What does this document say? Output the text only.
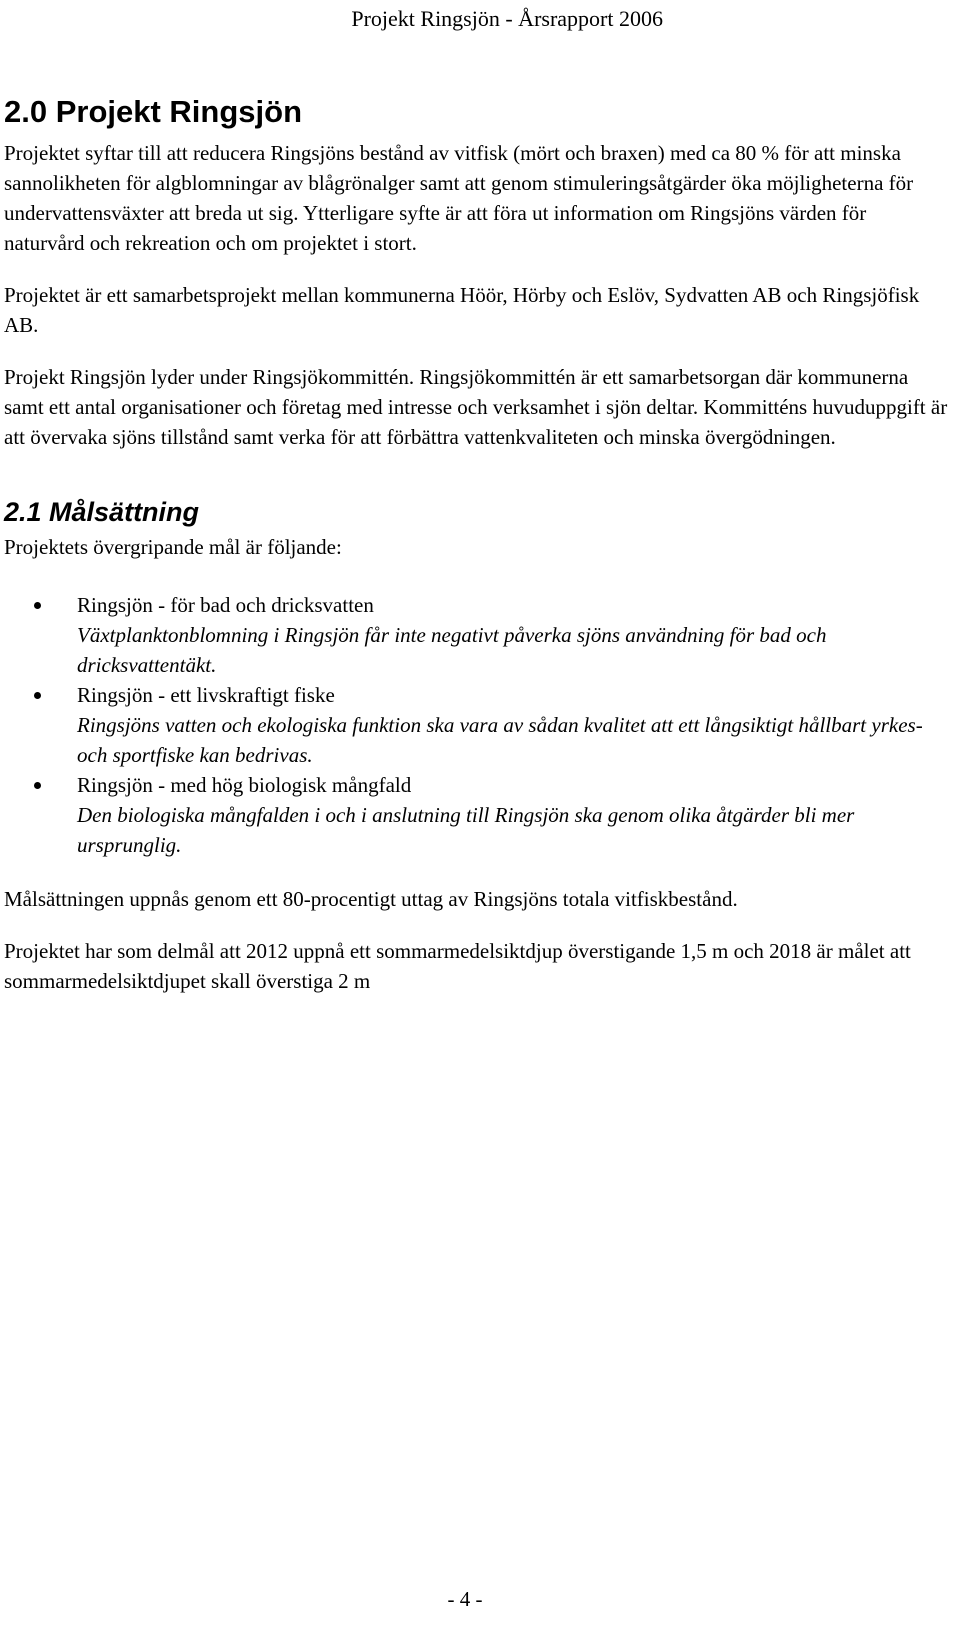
Projekt Ringsjön - Årsrapport 2006
2.0 Projekt Ringsjön

Projektet syftar till att reducera Ringsjöns bestånd av vitfisk (mört och braxen) med ca 80 % för att minska sannolikheten för algblomningar av blågrönalger samt att genom stimuleringsåtgärder öka möjligheterna för undervattensväxter att breda ut sig. Ytterligare syfte är att föra ut information om Ringsjöns värden för naturvård och rekreation och om projektet i stort.

Projektet är ett samarbetsprojekt mellan kommunerna Höör, Hörby och Eslöv, Sydvatten AB och Ringsjöfisk AB.

Projekt Ringsjön lyder under Ringsjökommittén. Ringsjökommittén är ett samarbetsorgan där kommunerna samt ett antal organisationer och företag med intresse och verksamhet i sjön deltar. Kommitténs huvuduppgift är att övervaka sjöns tillstånd samt verka för att förbättra vattenkvaliteten och minska övergödningen.

2.1 Målsättning

Projektets övergripande mål är följande:

Ringsjön - för bad och dricksvatten
Växtplanktonblomning i Ringsjön får inte negativt påverka sjöns användning för bad och dricksvattentäkt.
Ringsjön - ett livskraftigt fiske
Ringsjöns vatten och ekologiska funktion ska vara av sådan kvalitet att ett långsiktigt hållbart yrkes- och sportfiske kan bedrivas.
Ringsjön - med hög biologisk mångfald
Den biologiska mångfalden i och i anslutning till Ringsjön ska genom olika åtgärder bli mer ursprunglig.

Målsättningen uppnås genom ett 80-procentigt uttag av Ringsjöns totala vitfiskbestånd.

Projektet har som delmål att 2012 uppnå ett sommarmedelsiktdjup överstigande 1,5 m och 2018 är målet att sommarmedelsiktdjupet skall överstiga 2 m

- 4 -
